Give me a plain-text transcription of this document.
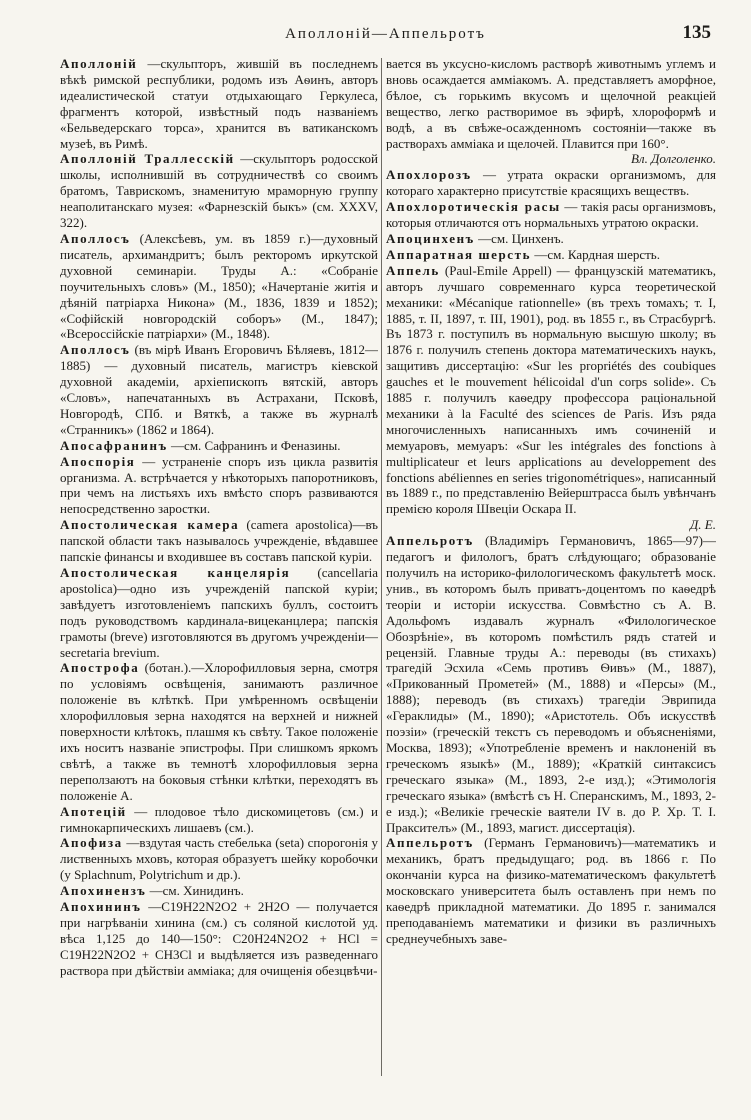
Аполлоній—Аппельротъ	135

Аполлоній —скульпторъ, жившій въ последнемъ вѣкѣ римской республики, родомъ изъ Аѳинъ, авторъ идеалистической статуи отдыхающаго Геркулеса, фрагментъ которой, извѣстный подъ названіемъ «Бельведерскаго торса», хранится въ ватиканскомъ музеѣ, въ Римѣ.

Аполлоній Траллесскій —скульпторъ родосской школы, исполнившій въ сотрудничествѣ со своимъ братомъ, Таврискомъ, знаменитую мраморную группу неаполитанскаго музея: «Фарнезскій быкъ» (см. XXXV, 322).

Аполлосъ (Алексѣевъ, ум. въ 1859 г.)—духовный писатель, архимандритъ; былъ ректоромъ иркутской духовной семинаріи. Труды А.: «Собраніе поучительныхъ словъ» (М., 1850); «Начертаніе житія и дѣяній патріарха Никона» (М., 1836, 1839 и 1852); «Софійскій новгородскій соборъ» (М., 1847); «Всероссійскіе патріархи» (М., 1848).

Аполлосъ (въ мірѣ Иванъ Егоровичъ Бѣляевъ, 1812—1885) — духовный писатель, магистръ кіевской духовной академіи, архіепископъ вятскій, авторъ «Словъ», напечатанныхъ въ Астрахани, Псковѣ, Новгородѣ, СПб. и Вяткѣ, а также въ журналѣ «Странникъ» (1862 и 1864).

Апосафранинъ —см. Сафранинъ и Феназины.

Апоспорія — устраненіе споръ изъ цикла развитія организма. А. встрѣчается у нѣкоторыхъ папоротниковъ, при чемъ на листьяхъ ихъ вмѣсто споръ развиваются непосредственно заростки.

Апостолическая камера (camera apostolica)—въ папской области такъ называлось учрежденіе, вѣдавшее папскіе финансы и входившее въ составъ папской куріи.

Апостолическая канцелярія (cancellaria apostolica)—одно изъ учрежденій папской куріи; завѣдуетъ изготовленіемъ папскихъ буллъ, состоитъ подъ руководствомъ кардинала-вицеканцлера; папскія грамоты (breve) изготовляются въ другомъ учрежденіи—secretaria brevium.

Апострофа (ботан.).—Хлорофилловыя зерна, смотря по условіямъ освѣщенія, занимаютъ различное положеніе въ клѣткѣ. При умѣренномъ освѣщеніи хлорофилловыя зерна находятся на верхней и нижней поверхности клѣтокъ, плашмя къ свѣту. Такое положеніе ихъ носитъ названіе эпистрофы. При слишкомъ яркомъ свѣтѣ, а также въ темнотѣ хлорофилловыя зерна переползаютъ на боковыя стѣнки клѣтки, переходятъ въ положеніе А.

Апотецій — плодовое тѣло дискомицетовъ (см.) и гимнокарпическихъ лишаевъ (см.).

Апофиза —вздутая часть стебелька (seta) спорогонія у лиственныхъ мховъ, которая образуетъ шейку коробочки (у Splachnum, Polytrichum и др.).

Апохинензъ —см. Хинидинъ.

Апохининъ —C19H22N2O2 + 2H2O — получается при нагрѣваніи хинина (см.) съ соляной кислотой уд. вѣса 1,125 до 140—150°: C20H24N2O2 + HCl = C19H22N2O2 + CH3Cl и выдѣляется изъ разведеннаго раствора при дѣйствіи аммiака; для очищенія обезцвѣчи-

вается въ уксусно-кисломъ растворѣ животнымъ углемъ и вновь осаждается аммiакомъ. А. представляетъ аморфное, бѣлое, съ горькимъ вкусомъ и щелочной реакціей вещество, легко растворимое въ эфирѣ, хлороформѣ и водѣ, а въ свѣже-осажденномъ состояніи—также въ растворахъ аммiака и щелочей. Плавится при 160°.
Вл. Долголенко.

Апохлорозъ — утрата окраски организмомъ, для котораго характерно присутствіе красящихъ веществъ.

Апохлоротическія расы — такія расы организмовъ, которыя отличаются отъ нормальныхъ утратою окраски.

Апоцинхенъ —см. Цинхенъ.

Аппаратная шерсть —см. Кардная шерсть.

Аппель (Paul-Emile Appell) — французскій математикъ, авторъ лучшаго современнаго курса теоретической механики: «Mécanique rationnelle» (въ трехъ томахъ; т. I, 1885, т. II, 1897, т. III, 1901), род. въ 1855 г., въ Страсбургѣ. Въ 1873 г. поступилъ въ нормальную высшую школу; въ 1876 г. получилъ степень доктора математическихъ наукъ, защитивъ диссертацію: «Sur les propriétés des coubiques gauches et le mouvement hélicoidal d'un corps solide». Съ 1885 г. получилъ каѳедру профессора раціональной механики à la Faculté des sciences de Paris. Изъ ряда многочисленныхъ написанныхъ имъ сочиненій и мемуаровъ, мемуаръ: «Sur les intégrales des fonctions à multiplicateur et leurs applications au developpement des fonctions abéliennes en series trigonométriques», написанный въ 1889 г., по представленію Вейерштрасса былъ увѣнчанъ премією короля Швеціи Оскара II.
Д. Е.

Аппельротъ (Владиміръ Германовичъ, 1865—97)—педагогъ и филологъ, братъ слѣдующаго; образованіе получилъ на историко-филологическомъ факультетѣ моск. унив., въ которомъ былъ приватъ-доцентомъ по каѳедрѣ теоріи и исторіи искусства. Совмѣстно съ А. В. Адольфомъ издавалъ журналъ «Филологическое Обозрѣніе», въ которомъ помѣстилъ рядъ статей и рецензій. Главные труды А.: переводы (въ стихахъ) трагедій Эсхила «Семь противъ Ѳивъ» (М., 1887), «Прикованный Прометей» (М., 1888) и «Персы» (М., 1888); переводъ (въ стихахъ) трагедіи Эврипида «Гераклиды» (М., 1890); «Аристотель. Объ искусствѣ поэзіи» (греческій текстъ съ переводомъ и объясненіями, Москва, 1893); «Употребленіе временъ и наклоненій въ греческомъ языкѣ» (М., 1889); «Краткій синтаксисъ греческаго языка» (М., 1893, 2-е изд.); «Этимологія греческаго языка» (вмѣстѣ съ Н. Сперанскимъ, М., 1893, 2-е изд.); «Великіе греческіе ваятели IV в. до Р. Хр. Т. I. Праксителъ» (М., 1893, магист. диссертація).

Аппельротъ (Германъ Германовичъ)—математикъ и механикъ, братъ предыдущаго; род. въ 1866 г. По окончаніи курса на физико-математическомъ факультетѣ московскаго университета былъ оставленъ при немъ по каѳедрѣ прикладной математики. До 1895 г. занимался преподаваніемъ математики и физики въ различныхъ среднеучебныхъ заве-
